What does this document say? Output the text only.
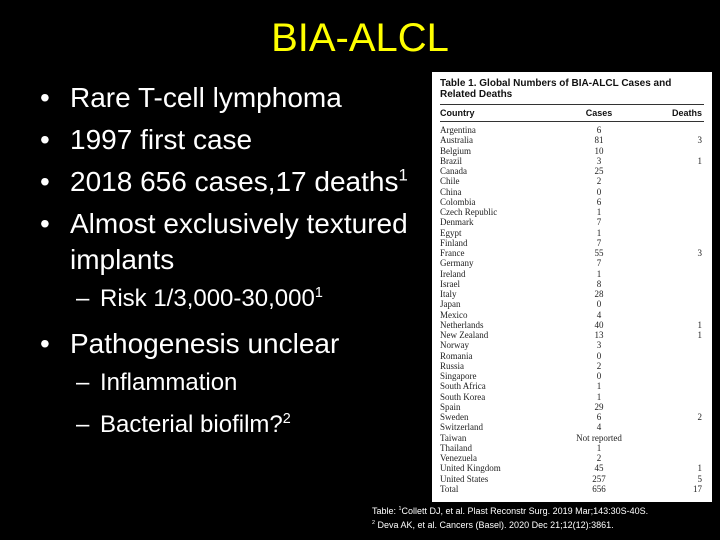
BIA-ALCL
• Rare T-cell lymphoma
• 1997 first case
• 2018 656 cases,17 deaths$^1$
• Almost exclusively textured implants
– Risk 1/3,000-30,000$^1$
• Pathogenesis unclear
– Inflammation
– Bacterial biofilm?$^2$
Table 1. Global Numbers of BIA-ALCL Cases and Related Deaths
Country	Cases	Deaths
Argentina	6
Australia	81	3
Belgium	10
Brazil	3	1
Canada	25
Chile	2
China	0
Colombia	6
Czech Republic	1
Denmark	7
Egypt	1
Finland	7
France	55	3
Germany	7
Ireland	1
Israel	8
Italy	28
Japan	0
Mexico	4
Netherlands	40	1
New Zealand	13	1
Norway	3
Romania	0
Russia	2
Singapore	0
South Africa	1
South Korea	1
Spain	29
Sweden	6	2
Switzerland	4
Taiwan	Not reported
Thailand	1
Venezuela	2
United Kingdom	45	1
United States	257	5
Total	656	17
Table: $^1$Collett DJ, et al. Plast Reconstr Surg. 2019 Mar;143:30S-40S.
$^2$ Deva AK, et al. Cancers (Basel). 2020 Dec 21;12(12):3861.
